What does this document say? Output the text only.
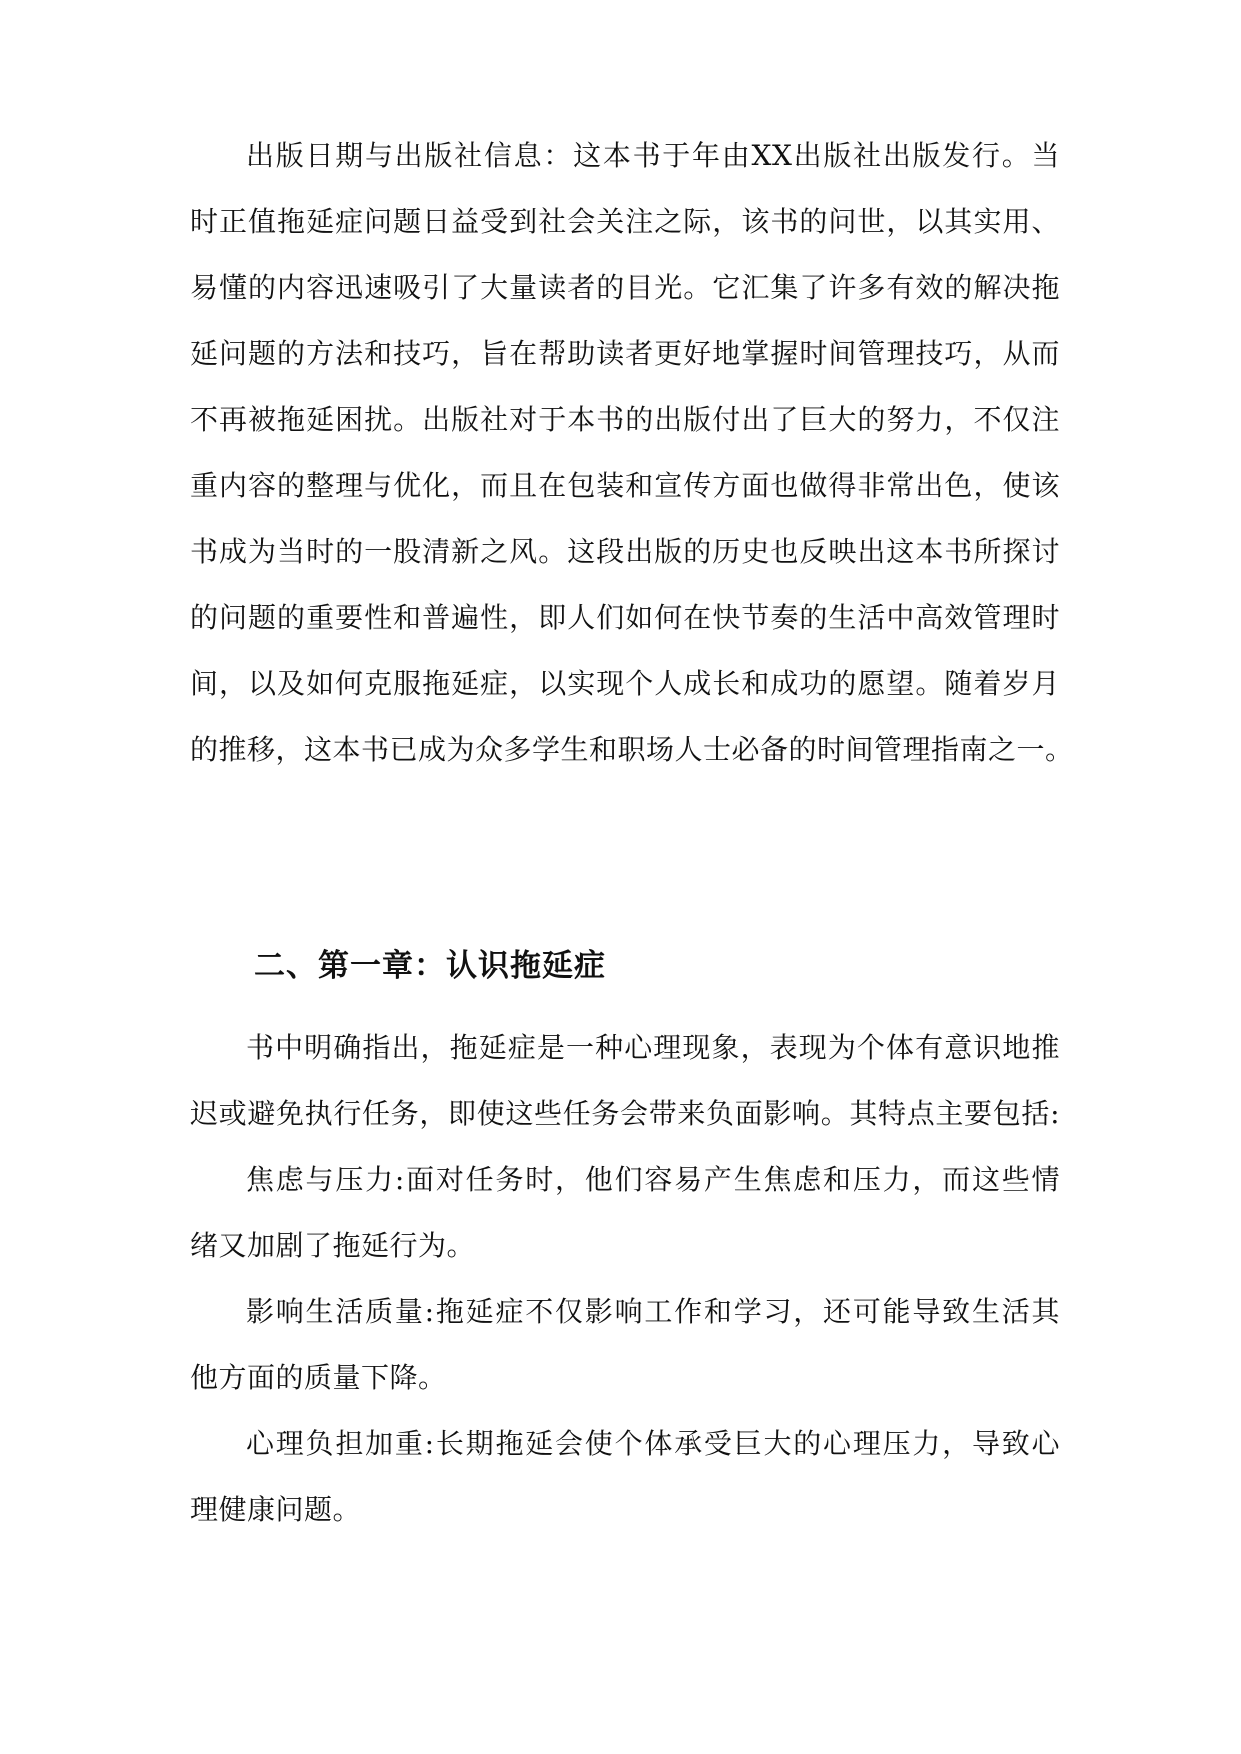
出版日期与出版社信息：这本书于年由XX出版社出版发行。当
时正值拖延症问题日益受到社会关注之际，该书的问世，以其实用、
易懂的内容迅速吸引了大量读者的目光。它汇集了许多有效的解决拖
延问题的方法和技巧，旨在帮助读者更好地掌握时间管理技巧，从而
不再被拖延困扰。出版社对于本书的出版付出了巨大的努力，不仅注
重内容的整理与优化，而且在包装和宣传方面也做得非常出色，使该
书成为当时的一股清新之风。这段出版的历史也反映出这本书所探讨
的问题的重要性和普遍性，即人们如何在快节奏的生活中高效管理时
间，以及如何克服拖延症，以实现个人成长和成功的愿望。随着岁月
的推移，这本书已成为众多学生和职场人士必备的时间管理指南之一。
二、第一章：认识拖延症
书中明确指出，拖延症是一种心理现象，表现为个体有意识地推
迟或避免执行任务，即使这些任务会带来负面影响。其特点主要包括:
焦虑与压力:面对任务时，他们容易产生焦虑和压力，而这些情
绪又加剧了拖延行为。
影响生活质量:拖延症不仅影响工作和学习，还可能导致生活其
他方面的质量下降。
心理负担加重:长期拖延会使个体承受巨大的心理压力，导致心
理健康问题。
